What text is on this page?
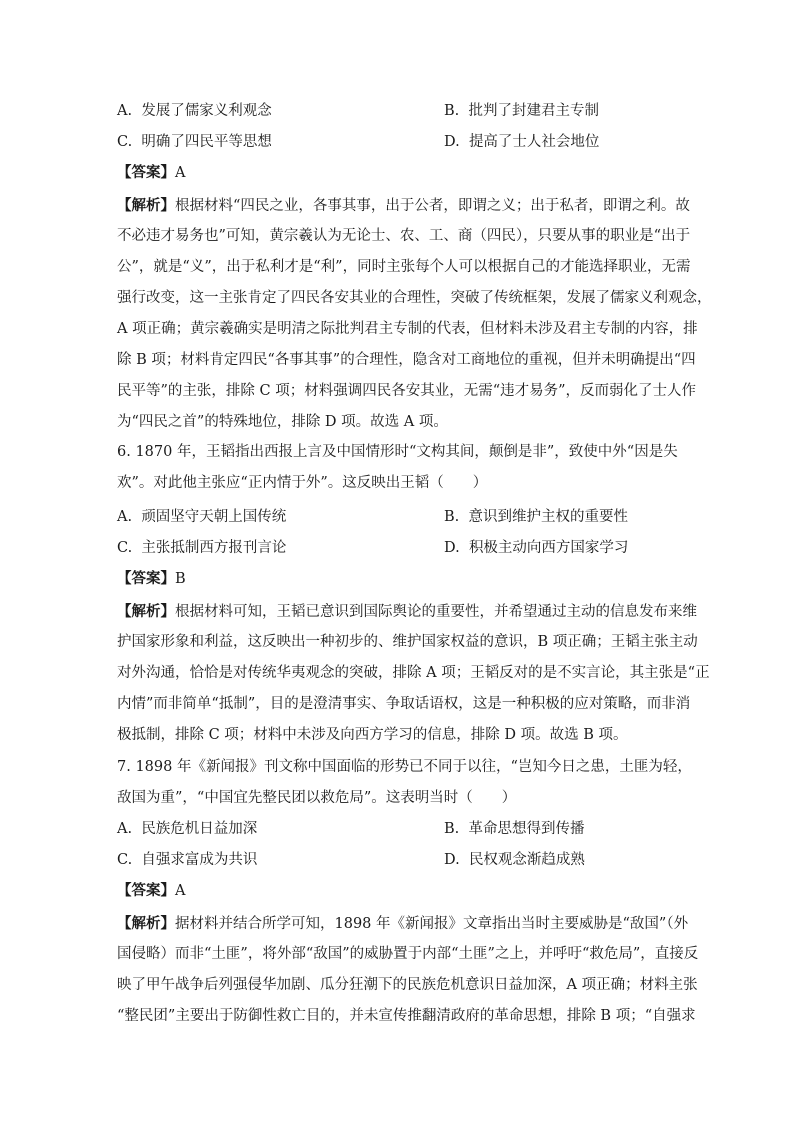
A. 发展了儒家义利观念	B. 批判了封建君主专制
C. 明确了四民平等思想	D. 提高了士人社会地位
【答案】A
【解析】根据材料“四民之业，各事其事，出于公者，即谓之义；出于私者，即谓之利。故
不必违才易务也”可知，黄宗羲认为无论士、农、工、商（四民），只要从事的职业是“出于
公”，就是“义”，出于私利才是“利”，同时主张每个人可以根据自己的才能选择职业，无需
强行改变，这一主张肯定了四民各安其业的合理性，突破了传统框架，发展了儒家义利观念，
A 项正确；黄宗羲确实是明清之际批判君主专制的代表，但材料未涉及君主专制的内容，排
除 B 项；材料肯定四民“各事其事”的合理性，隐含对工商地位的重视，但并未明确提出“四
民平等”的主张，排除 C 项；材料强调四民各安其业，无需“违才易务”，反而弱化了士人作
为“四民之首”的特殊地位，排除 D 项。故选 A 项。
6. 1870 年，王韬指出西报上言及中国情形时“文构其间，颠倒是非”，致使中外“因是失
欢”。对此他主张应“正内情于外”。这反映出王韬（　　）
A. 顽固坚守天朝上国传统	B. 意识到维护主权的重要性
C. 主张抵制西方报刊言论	D. 积极主动向西方国家学习
【答案】B
【解析】根据材料可知，王韬已意识到国际舆论的重要性，并希望通过主动的信息发布来维
护国家形象和利益，这反映出一种初步的、维护国家权益的意识，B 项正确；王韬主张主动
对外沟通，恰恰是对传统华夷观念的突破，排除 A 项；王韬反对的是不实言论，其主张是“正
内情”而非简单“抵制”，目的是澄清事实、争取话语权，这是一种积极的应对策略，而非消
极抵制，排除 C 项；材料中未涉及向西方学习的信息，排除 D 项。故选 B 项。
7. 1898 年《新闻报》刊文称中国面临的形势已不同于以往，“岂知今日之患，土匪为轻，
敌国为重”，“中国宜先整民团以救危局”。这表明当时（　　）
A. 民族危机日益加深	B. 革命思想得到传播
C. 自强求富成为共识	D. 民权观念渐趋成熟
【答案】A
【解析】据材料并结合所学可知，1898 年《新闻报》文章指出当时主要威胁是“敌国”（外
国侵略）而非“土匪”，将外部“敌国”的威胁置于内部“土匪”之上，并呼吁“救危局”，直接反
映了甲午战争后列强侵华加剧、瓜分狂潮下的民族危机意识日益加深，A 项正确；材料主张
“整民团”主要出于防御性救亡目的，并未宣传推翻清政府的革命思想，排除 B 项；“自强求
